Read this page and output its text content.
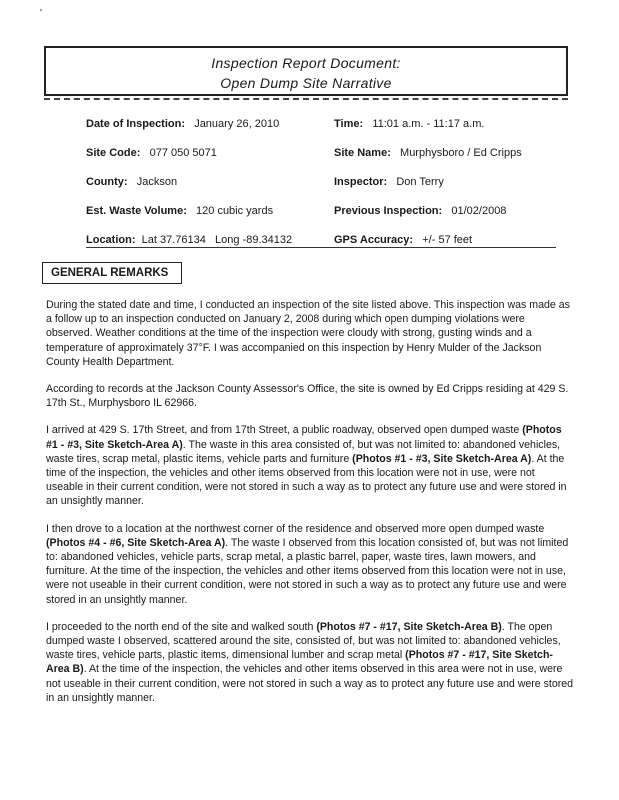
'
Inspection Report Document:
Open Dump Site Narrative
Date of Inspection: January 26, 2010	Time: 11:01 a.m. - 11:17 a.m.
Site Code: 077 050 5071	Site Name: Murphysboro / Ed Cripps
County: Jackson	Inspector: Don Terry
Est. Waste Volume: 120 cubic yards	Previous Inspection: 01/02/2008
Location: Lat 37.76134   Long -89.34132	GPS Accuracy: +/- 57 feet
GENERAL REMARKS

During the stated date and time, I conducted an inspection of the site listed above. This inspection was made as a follow up to an inspection conducted on January 2, 2008 during which open dumping violations were observed. Weather conditions at the time of the inspection were cloudy with strong, gusting winds and a temperature of approximately 37°F. I was accompanied on this inspection by Henry Mulder of the Jackson County Health Department.

According to records at the Jackson County Assessor's Office, the site is owned by Ed Cripps residing at 429 S. 17th St., Murphysboro IL 62966.

I arrived at 429 S. 17th Street, and from 17th Street, a public roadway, observed open dumped waste (Photos #1 - #3, Site Sketch-Area A). The waste in this area consisted of, but was not limited to: abandoned vehicles, waste tires, scrap metal, plastic items, vehicle parts and furniture (Photos #1 - #3, Site Sketch-Area A). At the time of the inspection, the vehicles and other items observed from this location were not in use, were not useable in their current condition, were not stored in such a way as to protect any future use and were stored in an unsightly manner.

I then drove to a location at the northwest corner of the residence and observed more open dumped waste (Photos #4 - #6, Site Sketch-Area A). The waste I observed from this location consisted of, but was not limited to: abandoned vehicles, vehicle parts, scrap metal, a plastic barrel, paper, waste tires, lawn mowers, and furniture. At the time of the inspection, the vehicles and other items observed from this location were not in use, were not useable in their current condition, were not stored in such a way as to protect any future use and were stored in an unsightly manner.

I proceeded to the north end of the site and walked south (Photos #7 - #17, Site Sketch-Area B). The open dumped waste I observed, scattered around the site, consisted of, but was not limited to: abandoned vehicles, waste tires, vehicle parts, plastic items, dimensional lumber and scrap metal (Photos #7 - #17, Site Sketch-Area B). At the time of the inspection, the vehicles and other items observed in this area were not in use, were not useable in their current condition, were not stored in such a way as to protect any future use and were stored in an unsightly manner.
